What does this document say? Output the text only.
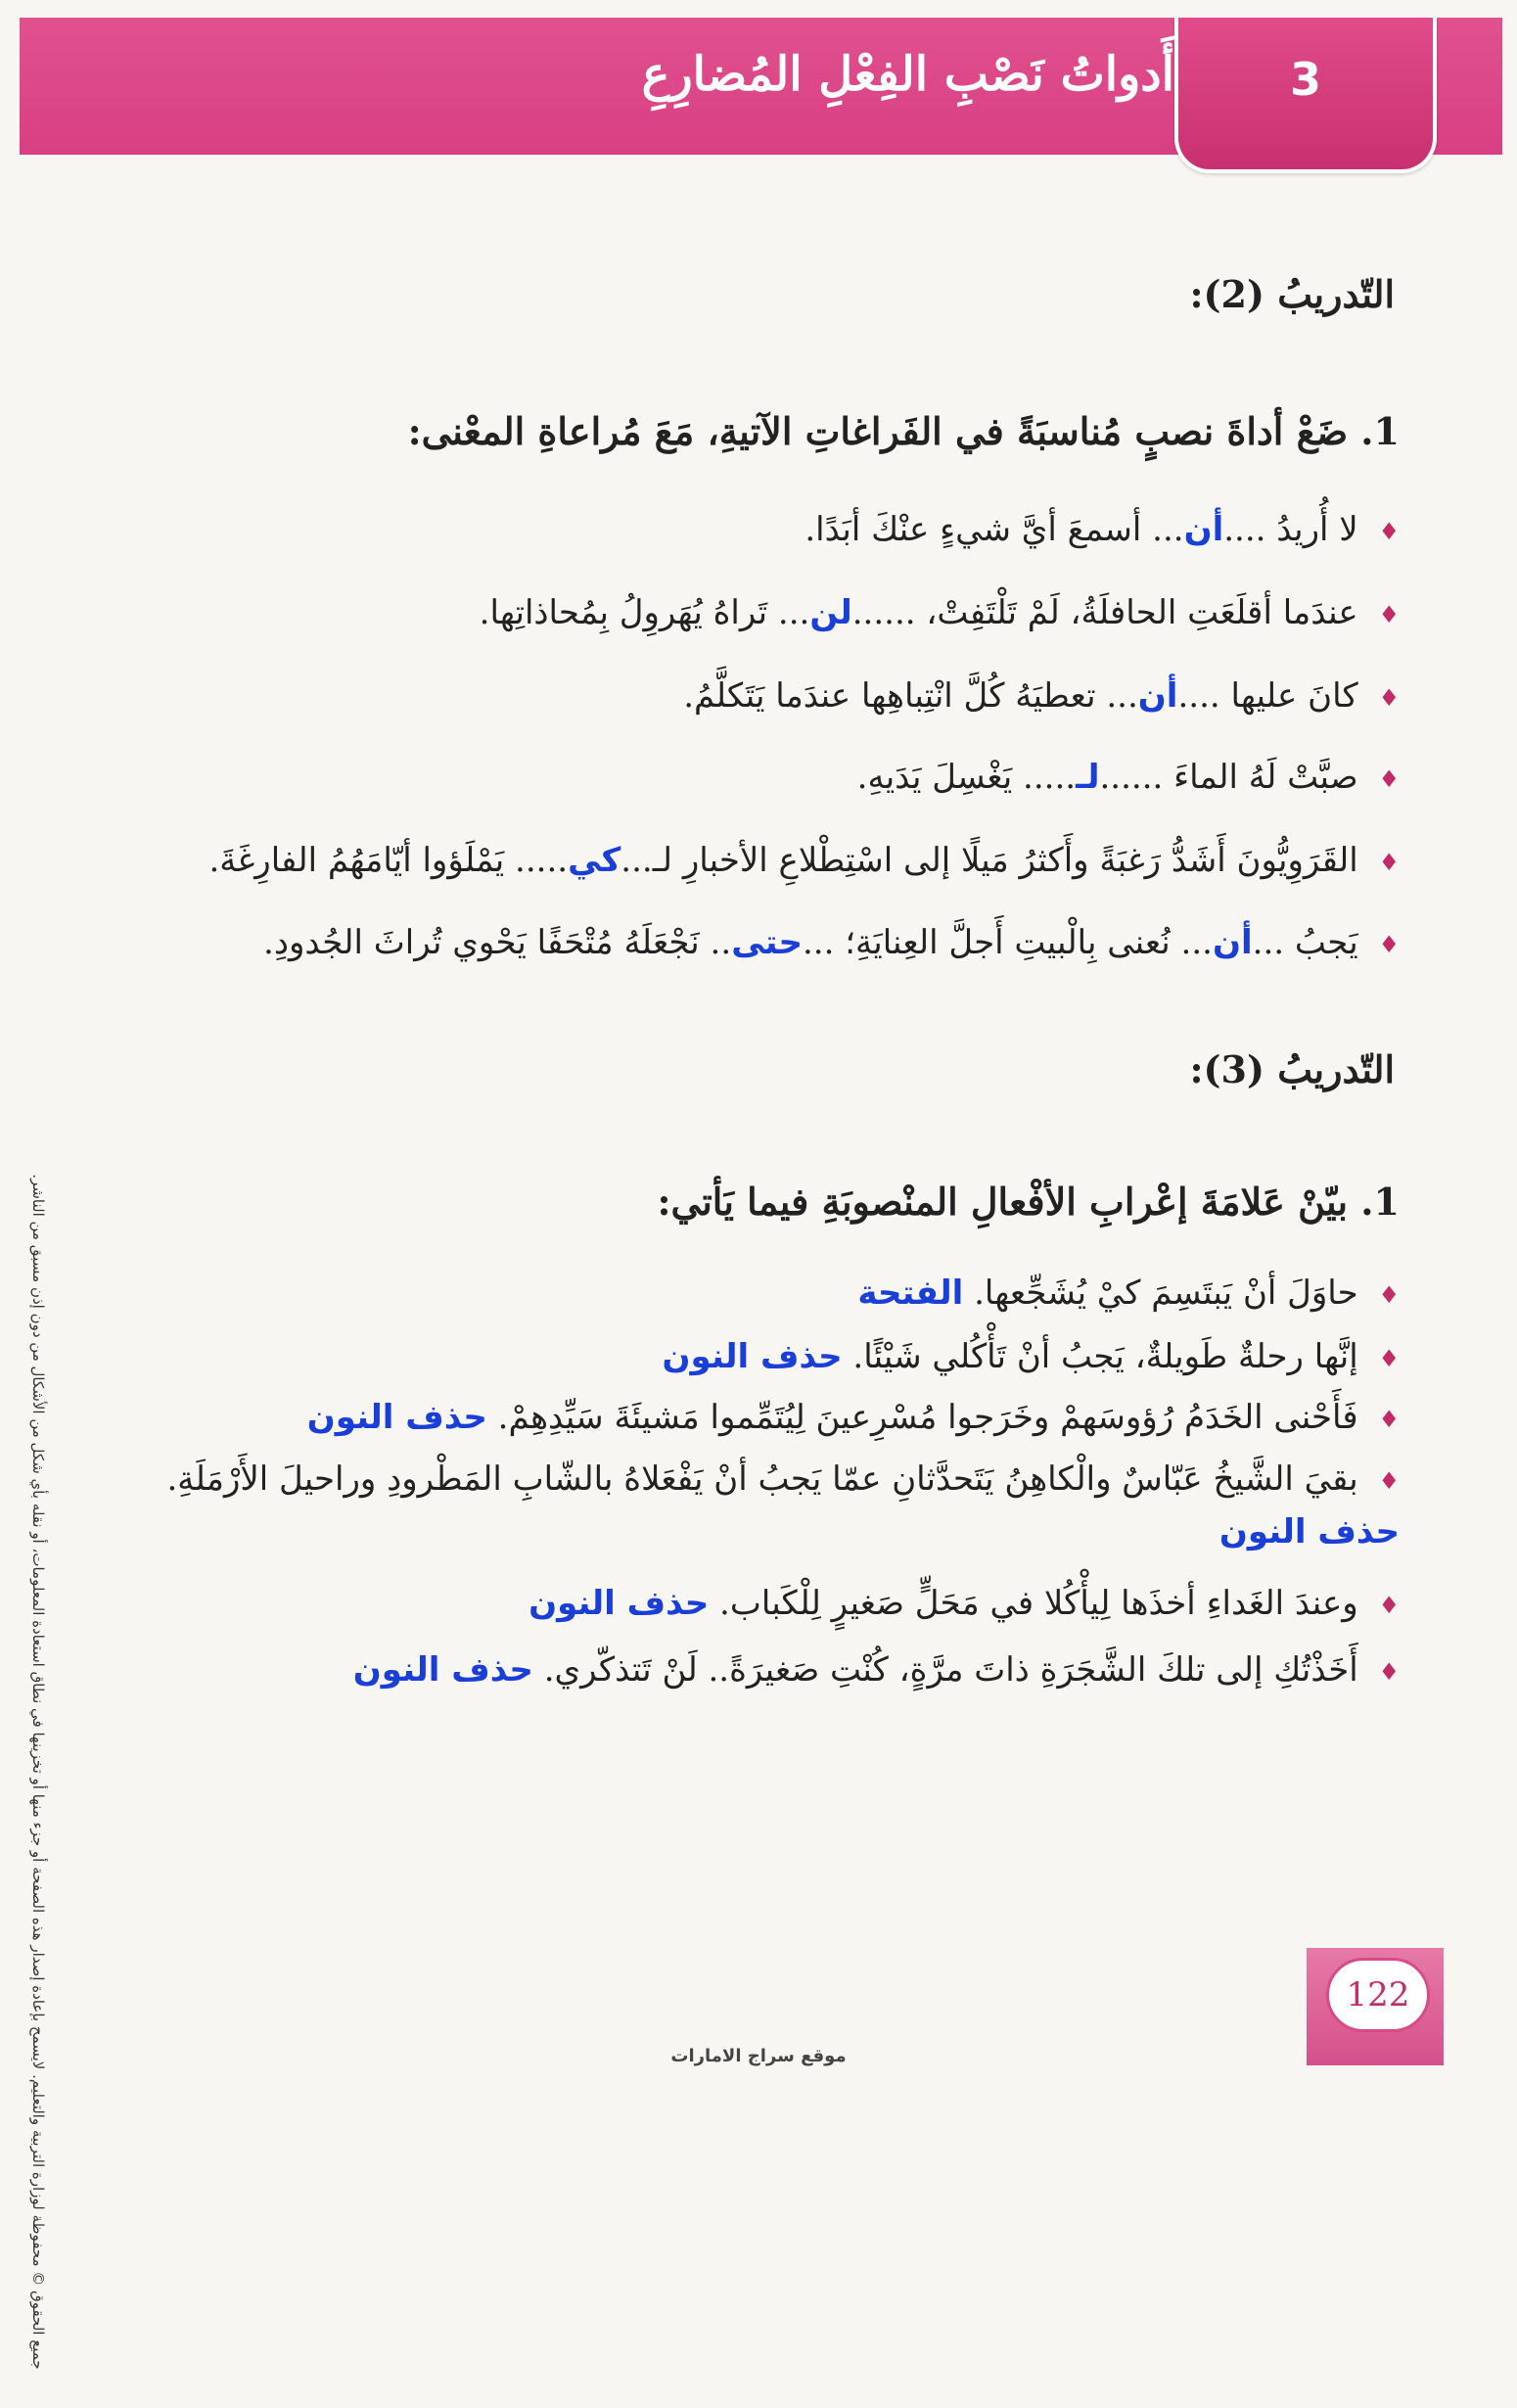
أَدواتُ نَصْبِ الفِعْلِ المُضارِعِ	3
جميع الحقوق © محفوظة لوزارة التربية والتعليم. لايسمح بإعادة إصدار هذه الصفحة أو جزء منها أو تخزينها في نطاق استعادة المعلومات، أو نقله بأي شكل من الأشكال من دون إذن مسبق من الناشر.
التّدريبُ (2):
1. ضَعْ أداةَ نصبٍ مُناسبَةً في الفَراغاتِ الآتيةِ، مَعَ مُراعاةِ المعْنى:
♦ لا أُريدُ ....أن... أسمعَ أيَّ شيءٍ عنْكَ أبَدًا.
♦ عندَما أقلَعَتِ الحافلَةُ، لَمْ تَلْتَفِتْ، ......لن... تَراهُ يُهَروِلُ بِمُحاذاتِها.
♦ كانَ عليها ....أن... تعطيَهُ كُلَّ انْتِباهِها عندَما يَتَكلَّمُ.
♦ صبَّتْ لَهُ الماءَ ......لـ..... يَغْسِلَ يَدَيهِ.
♦ القَرَوِيُّونَ أَشَدُّ رَغبَةً وأَكثرُ مَيلًا إلى اسْتِطْلاعِ الأخبارِ لـ...كي..... يَمْلَؤوا أيّامَهُمُ الفارِغَةَ.
♦ يَجبُ ...أن... نُعنى بِالْبيتِ أَجلَّ العِنايَةِ؛ ...حتى.. نَجْعَلَهُ مُتْحَفًا يَحْوي تُراثَ الجُدودِ.
التّدريبُ (3):
1. بيّنْ عَلامَةَ إعْرابِ الأفْعالِ المنْصوبَةِ فيما يَأتي:
♦ حاوَلَ أنْ يَبتَسِمَ كيْ يُشَجِّعها. الفتحة
♦ إنَّها رحلةٌ طَويلةٌ، يَجبُ أنْ تَأْكُلي شَيْئًا. حذف النون
♦ فَأَحْنى الخَدَمُ رُؤوسَهمْ وخَرَجوا مُسْرِعينَ لِيُتَمِّموا مَشيئَةَ سَيِّدِهِمْ. حذف النون
♦ بقيَ الشَّيخُ عَبّاسٌ والْكاهِنُ يَتَحدَّثانِ عمّا يَجبُ أنْ يَفْعَلاهُ بالشّابِ المَطْرودِ وراحيلَ الأَرْمَلَةِ. حذف النون
♦ وعندَ الغَداءِ أخذَها لِيأْكُلا في مَحَلٍّ صَغيرٍ لِلْكَباب. حذف النون
♦ أَخَذْتُكِ إلى تلكَ الشَّجَرَةِ ذاتَ مرَّةٍ، كُنْتِ صَغيرَةً.. لَنْ تَتذكّري. حذف النون
122
موقع سراج الامارات
